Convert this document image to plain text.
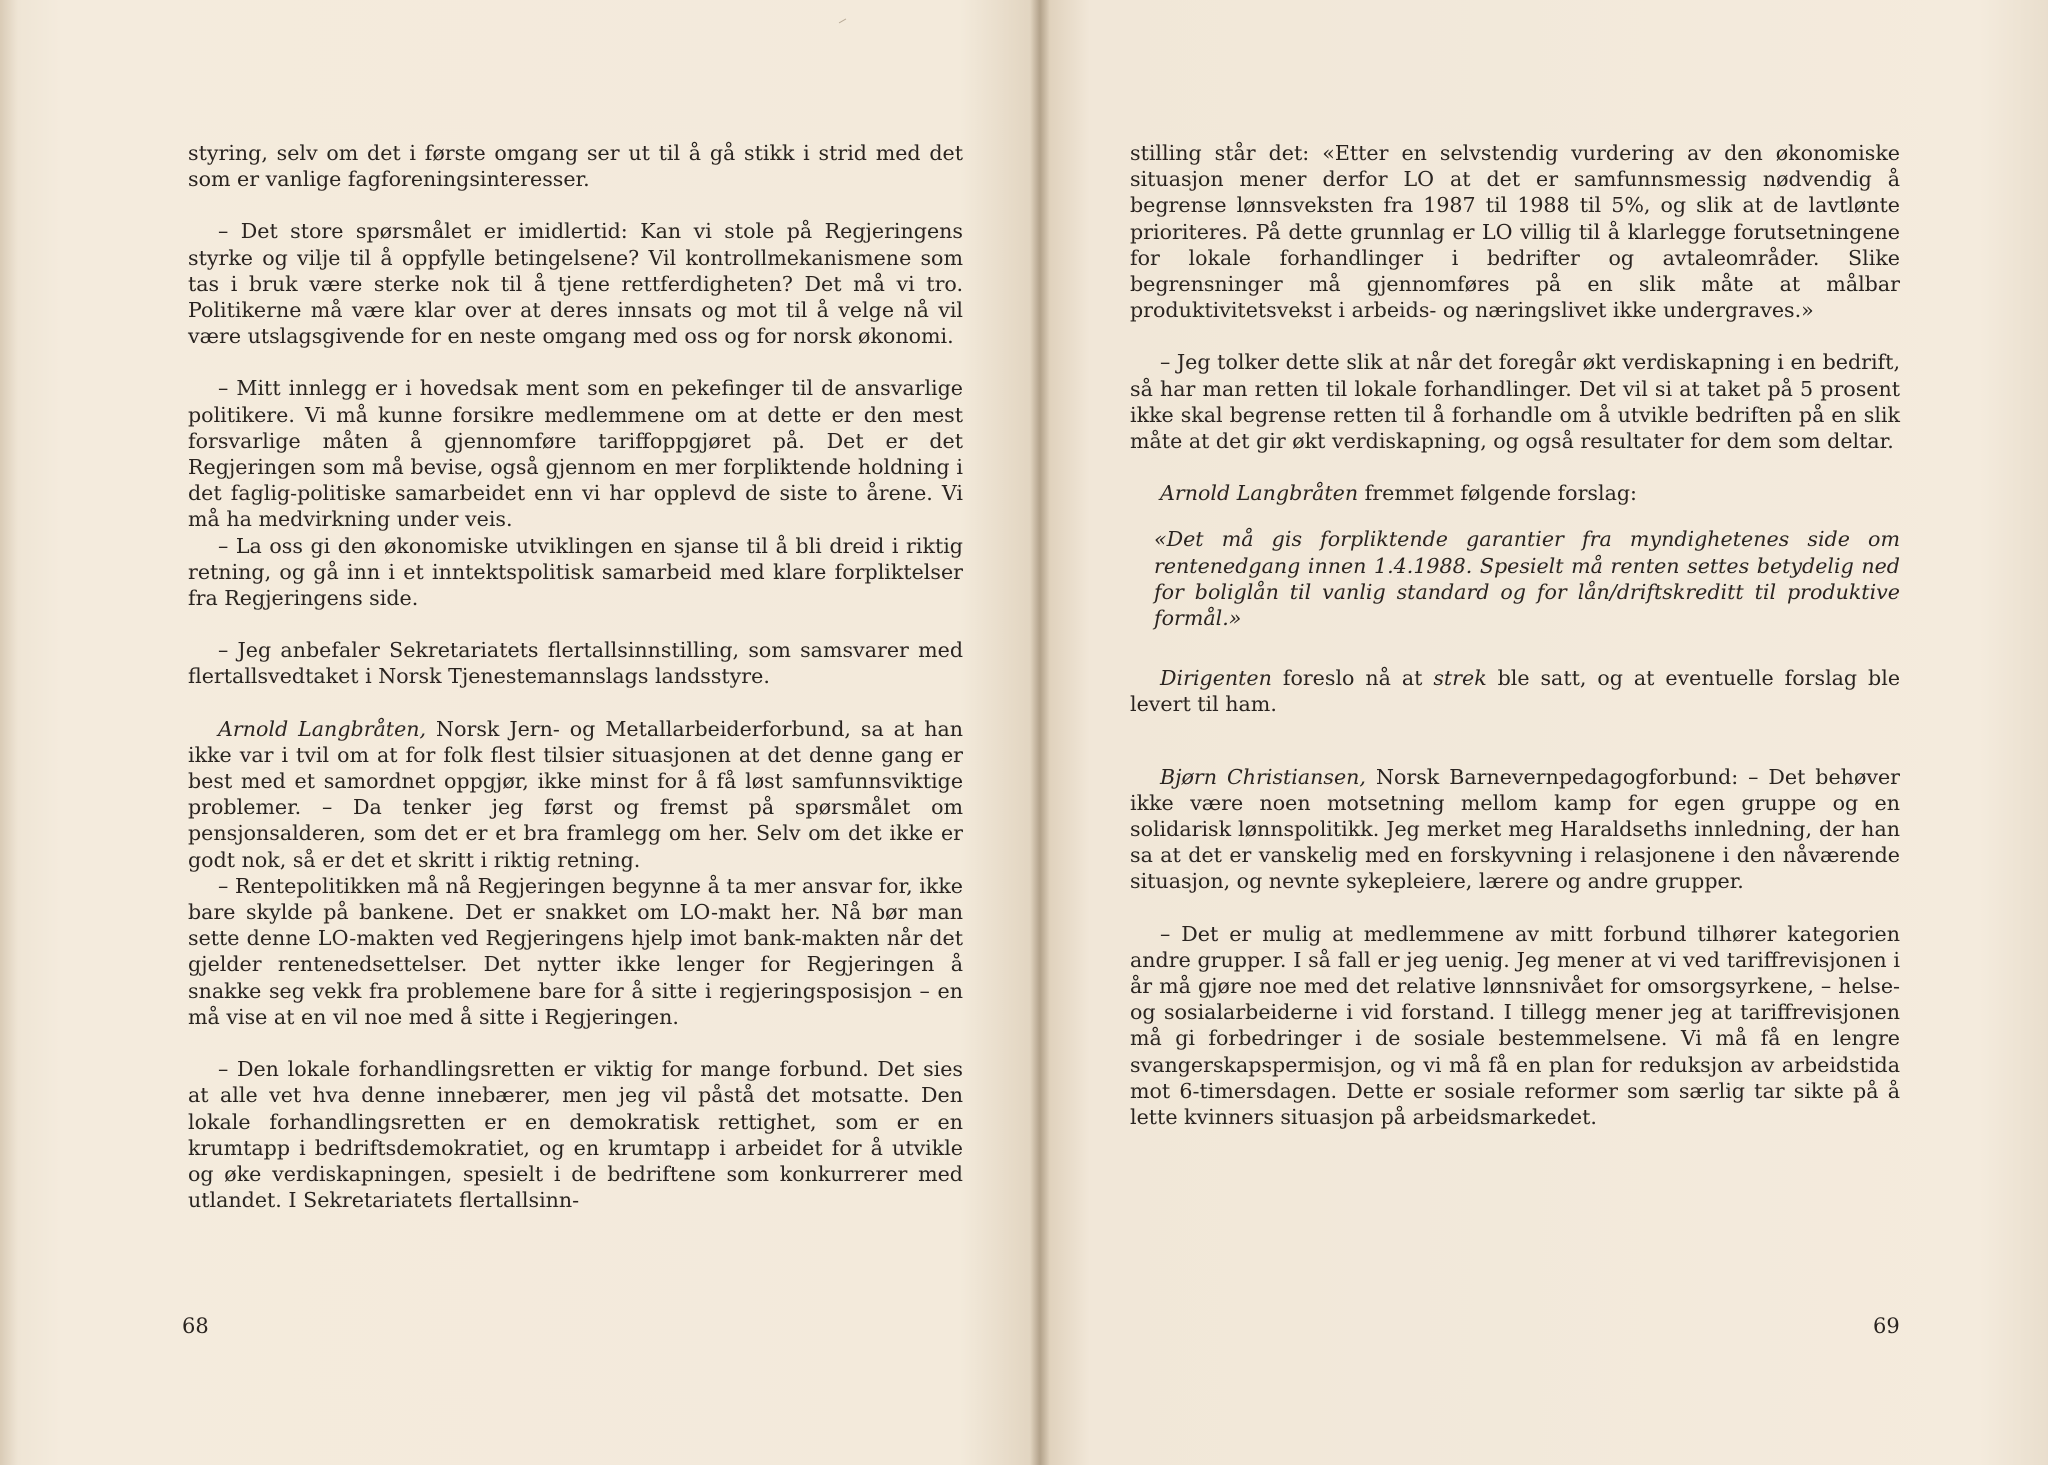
styring, selv om det i første omgang ser ut til å gå stikk i strid med det som er vanlige fagforeningsinteresser.

– Det store spørsmålet er imidlertid: Kan vi stole på Regjeringens styrke og vilje til å oppfylle betingelsene? Vil kontrollmekanismene som tas i bruk være sterke nok til å tjene rettferdigheten? Det må vi tro. Politikerne må være klar over at deres innsats og mot til å velge nå vil være utslagsgivende for en neste omgang med oss og for norsk økonomi.

– Mitt innlegg er i hovedsak ment som en pekefinger til de ansvarlige politikere. Vi må kunne forsikre medlemmene om at dette er den mest forsvarlige måten å gjennomføre tariffoppgjøret på. Det er det Regjeringen som må bevise, også gjennom en mer forpliktende holdning i det faglig-politiske samarbeidet enn vi har opplevd de siste to årene. Vi må ha medvirkning under veis.

– La oss gi den økonomiske utviklingen en sjanse til å bli dreid i riktig retning, og gå inn i et inntektspolitisk samarbeid med klare forpliktelser fra Regjeringens side.

– Jeg anbefaler Sekretariatets flertallsinnstilling, som samsvarer med flertallsvedtaket i Norsk Tjenestemannslags landsstyre.

Arnold Langbråten, Norsk Jern- og Metallarbeiderforbund, sa at han ikke var i tvil om at for folk flest tilsier situasjonen at det denne gang er best med et samordnet oppgjør, ikke minst for å få løst samfunnsviktige problemer. – Da tenker jeg først og fremst på spørsmålet om pensjonsalderen, som det er et bra framlegg om her. Selv om det ikke er godt nok, så er det et skritt i riktig retning.

– Rentepolitikken må nå Regjeringen begynne å ta mer ansvar for, ikke bare skylde på bankene. Det er snakket om LO-makt her. Nå bør man sette denne LO-makten ved Regjeringens hjelp imot bank-makten når det gjelder rentenedsettelser. Det nytter ikke lenger for Regjeringen å snakke seg vekk fra problemene bare for å sitte i regjeringsposisjon – en må vise at en vil noe med å sitte i Regjeringen.

– Den lokale forhandlingsretten er viktig for mange forbund. Det sies at alle vet hva denne innebærer, men jeg vil påstå det motsatte. Den lokale forhandlingsretten er en demokratisk rettighet, som er en krumtapp i bedriftsdemokratiet, og en krumtapp i arbeidet for å utvikle og øke verdiskapningen, spesielt i de bedriftene som konkurrerer med utlandet. I Sekretariatets flertallsinn-

68

stilling står det: «Etter en selvstendig vurdering av den økonomiske situasjon mener derfor LO at det er samfunnsmessig nødvendig å begrense lønnsveksten fra 1987 til 1988 til 5%, og slik at de lavtlønte prioriteres. På dette grunnlag er LO villig til å klarlegge forutsetningene for lokale forhandlinger i bedrifter og avtaleområder. Slike begrensninger må gjennomføres på en slik måte at målbar produktivitetsvekst i arbeids- og næringslivet ikke undergraves.»

– Jeg tolker dette slik at når det foregår økt verdiskapning i en bedrift, så har man retten til lokale forhandlinger. Det vil si at taket på 5 prosent ikke skal begrense retten til å forhandle om å utvikle bedriften på en slik måte at det gir økt verdiskapning, og også resultater for dem som deltar.

Arnold Langbråten fremmet følgende forslag:

«Det må gis forpliktende garantier fra myndighetenes side om rentenedgang innen 1.4.1988. Spesielt må renten settes betydelig ned for boliglån til vanlig standard og for lån/driftskreditt til produktive formål.»

Dirigenten foreslo nå at strek ble satt, og at eventuelle forslag ble levert til ham.

Bjørn Christiansen, Norsk Barnevernpedagogforbund: – Det behøver ikke være noen motsetning mellom kamp for egen gruppe og en solidarisk lønnspolitikk. Jeg merket meg Haraldseths innledning, der han sa at det er vanskelig med en forskyvning i relasjonene i den nåværende situasjon, og nevnte sykepleiere, lærere og andre grupper.

– Det er mulig at medlemmene av mitt forbund tilhører kategorien andre grupper. I så fall er jeg uenig. Jeg mener at vi ved tariffrevisjonen i år må gjøre noe med det relative lønnsnivået for omsorgsyrkene, – helse- og sosialarbeiderne i vid forstand. I tillegg mener jeg at tariffrevisjonen må gi forbedringer i de sosiale bestemmelsene. Vi må få en lengre svangerskapspermisjon, og vi må få en plan for reduksjon av arbeidstida mot 6-timersdagen. Dette er sosiale reformer som særlig tar sikte på å lette kvinners situasjon på arbeidsmarkedet.

69
